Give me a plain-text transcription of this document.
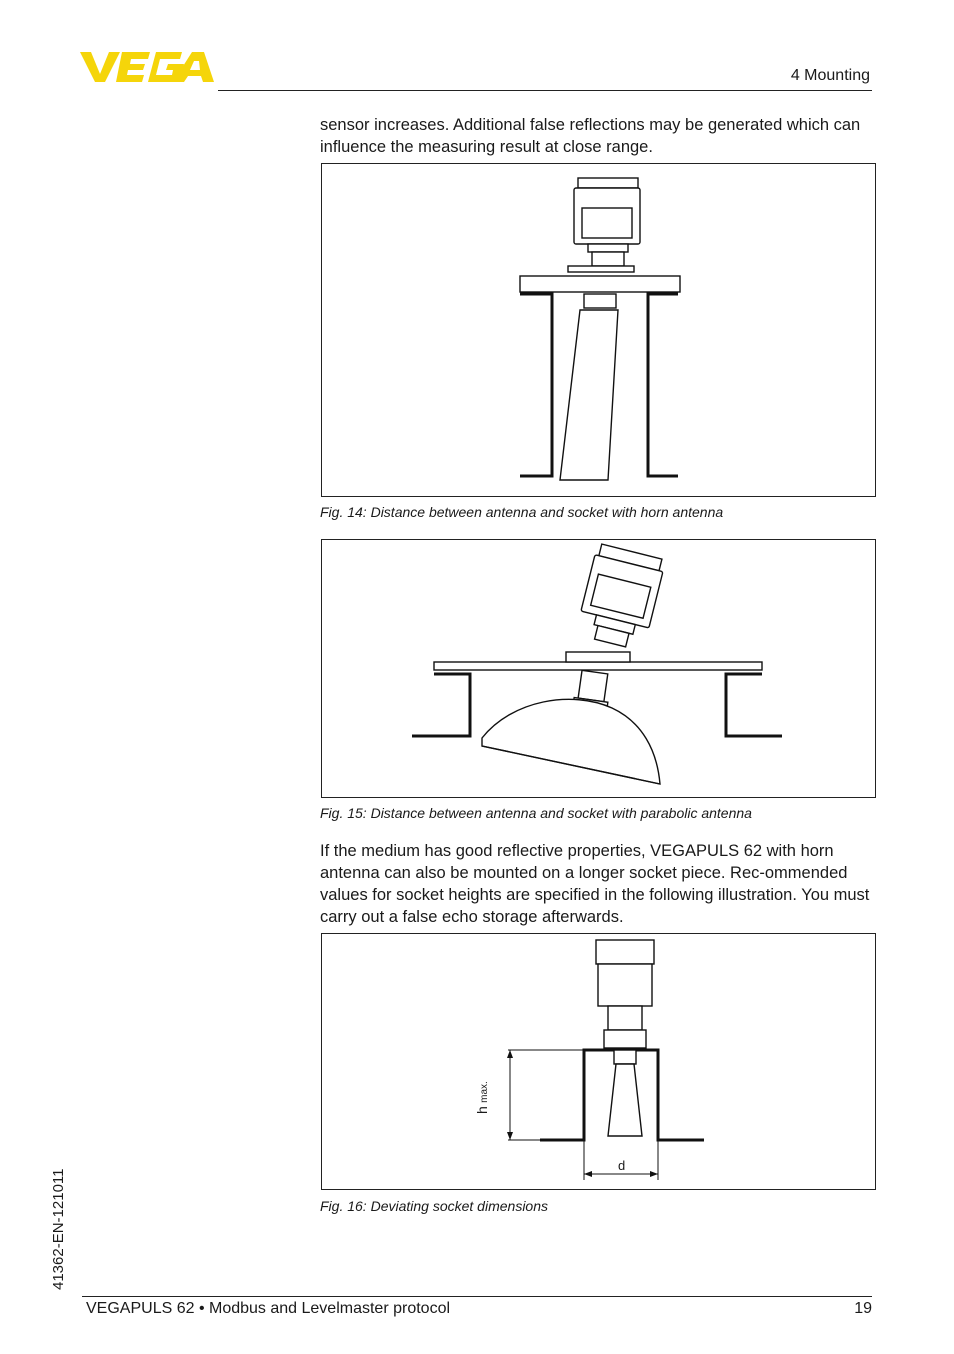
4 Mounting

sensor increases. Additional false reflections may be generated which can influence the measuring result at close range.

Fig. 14: Distance between antenna and socket with horn antenna
Fig. 15: Distance between antenna and socket with parabolic antenna

If the medium has good reflective properties, VEGAPULS 62 with horn antenna can also be mounted on a longer socket piece. Rec-ommended values for socket heights are specified in the following illustration. You must carry out a false echo storage afterwards.

h max.
d
Fig. 16: Deviating socket dimensions
41362-EN-121011
VEGAPULS 62 • Modbus and Levelmaster protocol	19
